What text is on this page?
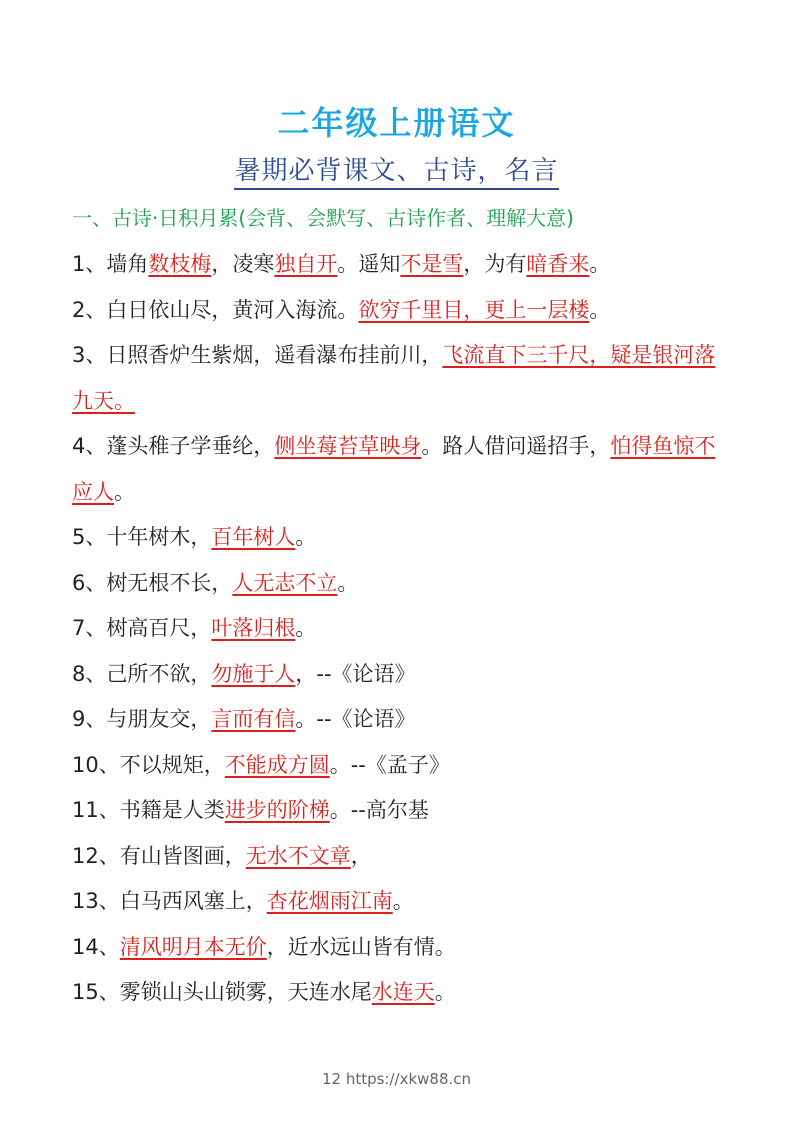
二年级上册语文
暑期必背课文、古诗，名言
一、古诗·日积月累(会背、会默写、古诗作者、理解大意)
1、墙角数枝梅，凌寒独自开。遥知不是雪，为有暗香来。
2、白日依山尽，黄河入海流。欲穷千里目，更上一层楼。
3、日照香炉生紫烟，遥看瀑布挂前川，飞流直下三千尺，疑是银河落九天。
4、蓬头稚子学垂纶，侧坐莓苔草映身。路人借问遥招手，怕得鱼惊不应人。
5、十年树木，百年树人。
6、树无根不长，人无志不立。
7、树高百尺，叶落归根。
8、己所不欲，勿施于人，--《论语》
9、与朋友交，言而有信。--《论语》
10、不以规矩，不能成方圆。--《孟子》
11、书籍是人类进步的阶梯。--高尔基
12、有山皆图画，无水不文章，
13、白马西风塞上，杏花烟雨江南。
14、清风明月本无价，近水远山皆有情。
15、雾锁山头山锁雾，天连水尾水连天。
12 https://xkw88.cn
